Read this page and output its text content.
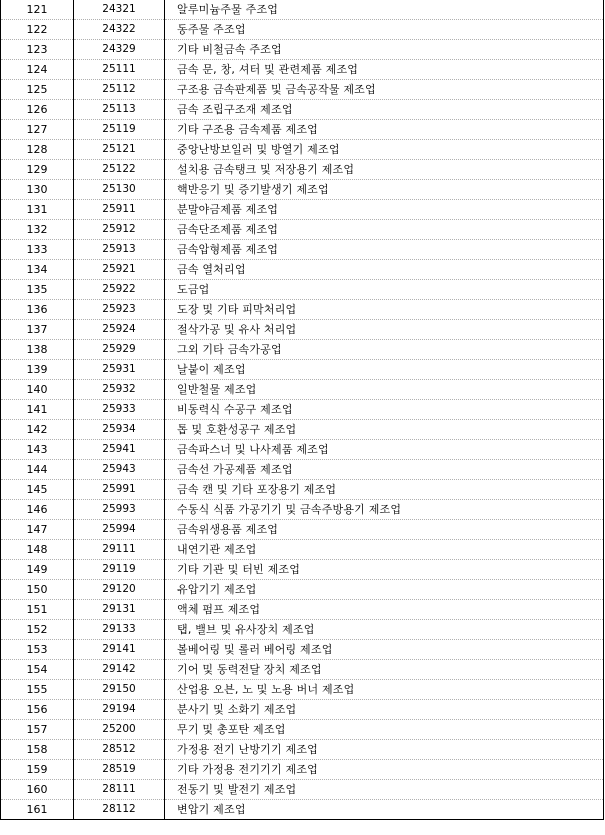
121	24321	알루미늄주물 주조업
122	24322	동주물 주조업
123	24329	기타 비철금속 주조업
124	25111	금속 문, 창, 셔터 및 관련제품 제조업
125	25112	구조용 금속판제품 및 금속공작물 제조업
126	25113	금속 조립구조재 제조업
127	25119	기타 구조용 금속제품 제조업
128	25121	중앙난방보일러 및 방열기 제조업
129	25122	설치용 금속탱크 및 저장용기 제조업
130	25130	핵반응기 및 증기발생기 제조업
131	25911	분말야금제품 제조업
132	25912	금속단조제품 제조업
133	25913	금속압형제품 제조업
134	25921	금속 열처리업
135	25922	도금업
136	25923	도장 및 기타 피막처리업
137	25924	절삭가공 및 유사 처리업
138	25929	그외 기타 금속가공업
139	25931	날붙이 제조업
140	25932	일반철물 제조업
141	25933	비동력식 수공구 제조업
142	25934	톱 및 호환성공구 제조업
143	25941	금속파스너 및 나사제품 제조업
144	25943	금속선 가공제품 제조업
145	25991	금속 캔 및 기타 포장용기 제조업
146	25993	수동식 식품 가공기기 및 금속주방용기 제조업
147	25994	금속위생용품 제조업
148	29111	내연기관 제조업
149	29119	기타 기관 및 터빈 제조업
150	29120	유압기기 제조업
151	29131	액체 펌프 제조업
152	29133	탭, 밸브 및 유사장치 제조업
153	29141	볼베어링 및 롤러 베어링 제조업
154	29142	기어 및 동력전달 장치 제조업
155	29150	산업용 오븐, 노 및 노용 버너 제조업
156	29194	분사기 및 소화기 제조업
157	25200	무기 및 총포탄 제조업
158	28512	가정용 전기 난방기기 제조업
159	28519	기타 가정용 전기기기 제조업
160	28111	전동기 및 발전기 제조업
161	28112	변압기 제조업
